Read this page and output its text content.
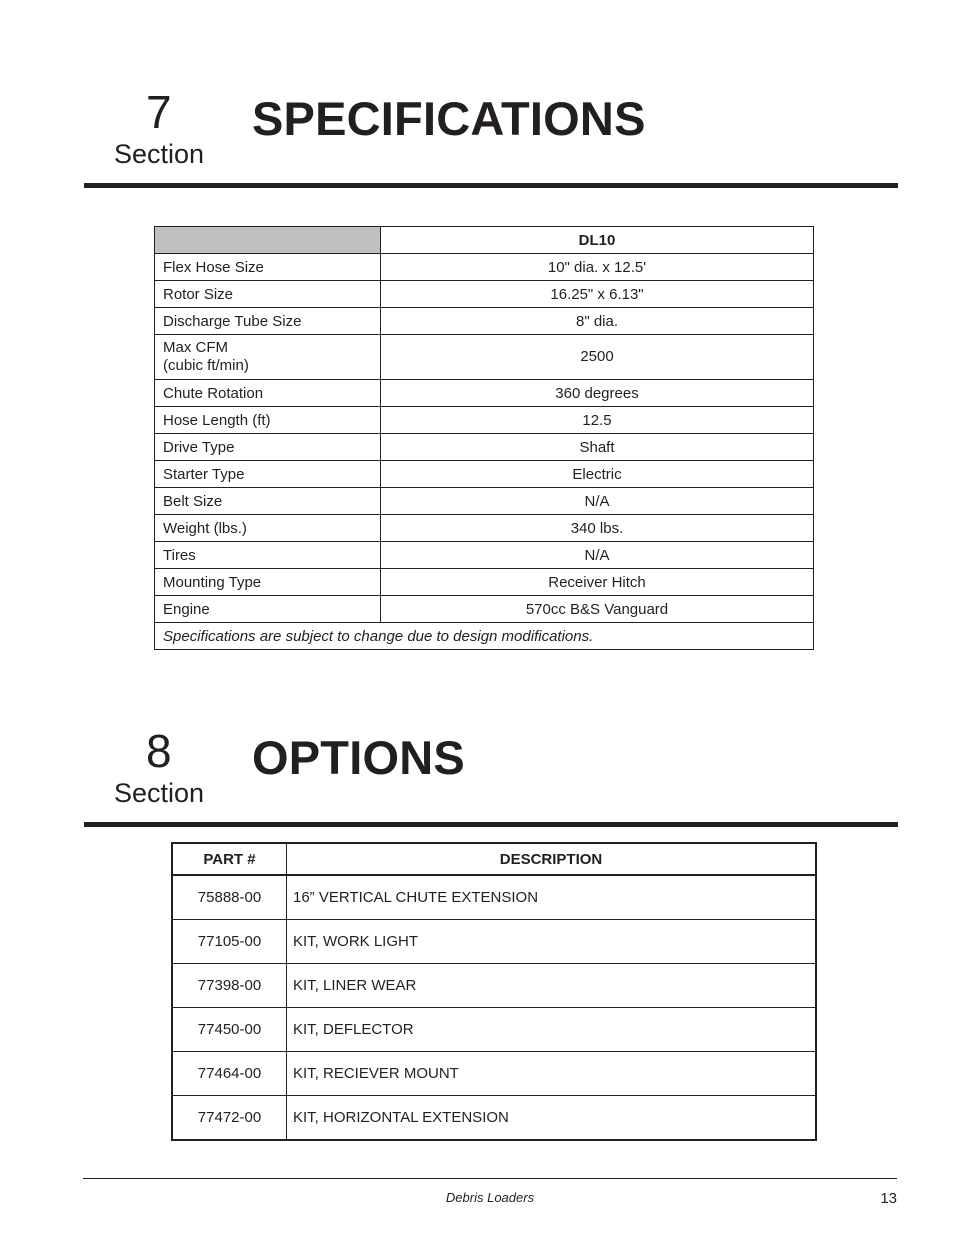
7
Section
SPECIFICATIONS
	DL10
Flex Hose Size	10" dia. x 12.5'
Rotor Size	16.25" x 6.13"
Discharge Tube Size	8" dia.

Max CFM
(cubic ft/min)	2500
Chute Rotation	360 degrees
Hose Length (ft)	12.5
Drive Type	Shaft
Starter Type	Electric
Belt Size	N/A
Weight (lbs.)	340 lbs.
Tires	N/A
Mounting Type	Receiver Hitch
Engine	570cc B&S Vanguard
Specifications are subject to change due to design modifications.	
8
Section
OPTIONS
PART #	DESCRIPTION
75888-00	16” VERTICAL CHUTE EXTENSION
77105-00	KIT, WORK LIGHT
77398-00	KIT, LINER WEAR
77450-00	KIT, DEFLECTOR
77464-00	KIT, RECIEVER MOUNT
77472-00	KIT, HORIZONTAL EXTENSION
Debris Loaders	13
